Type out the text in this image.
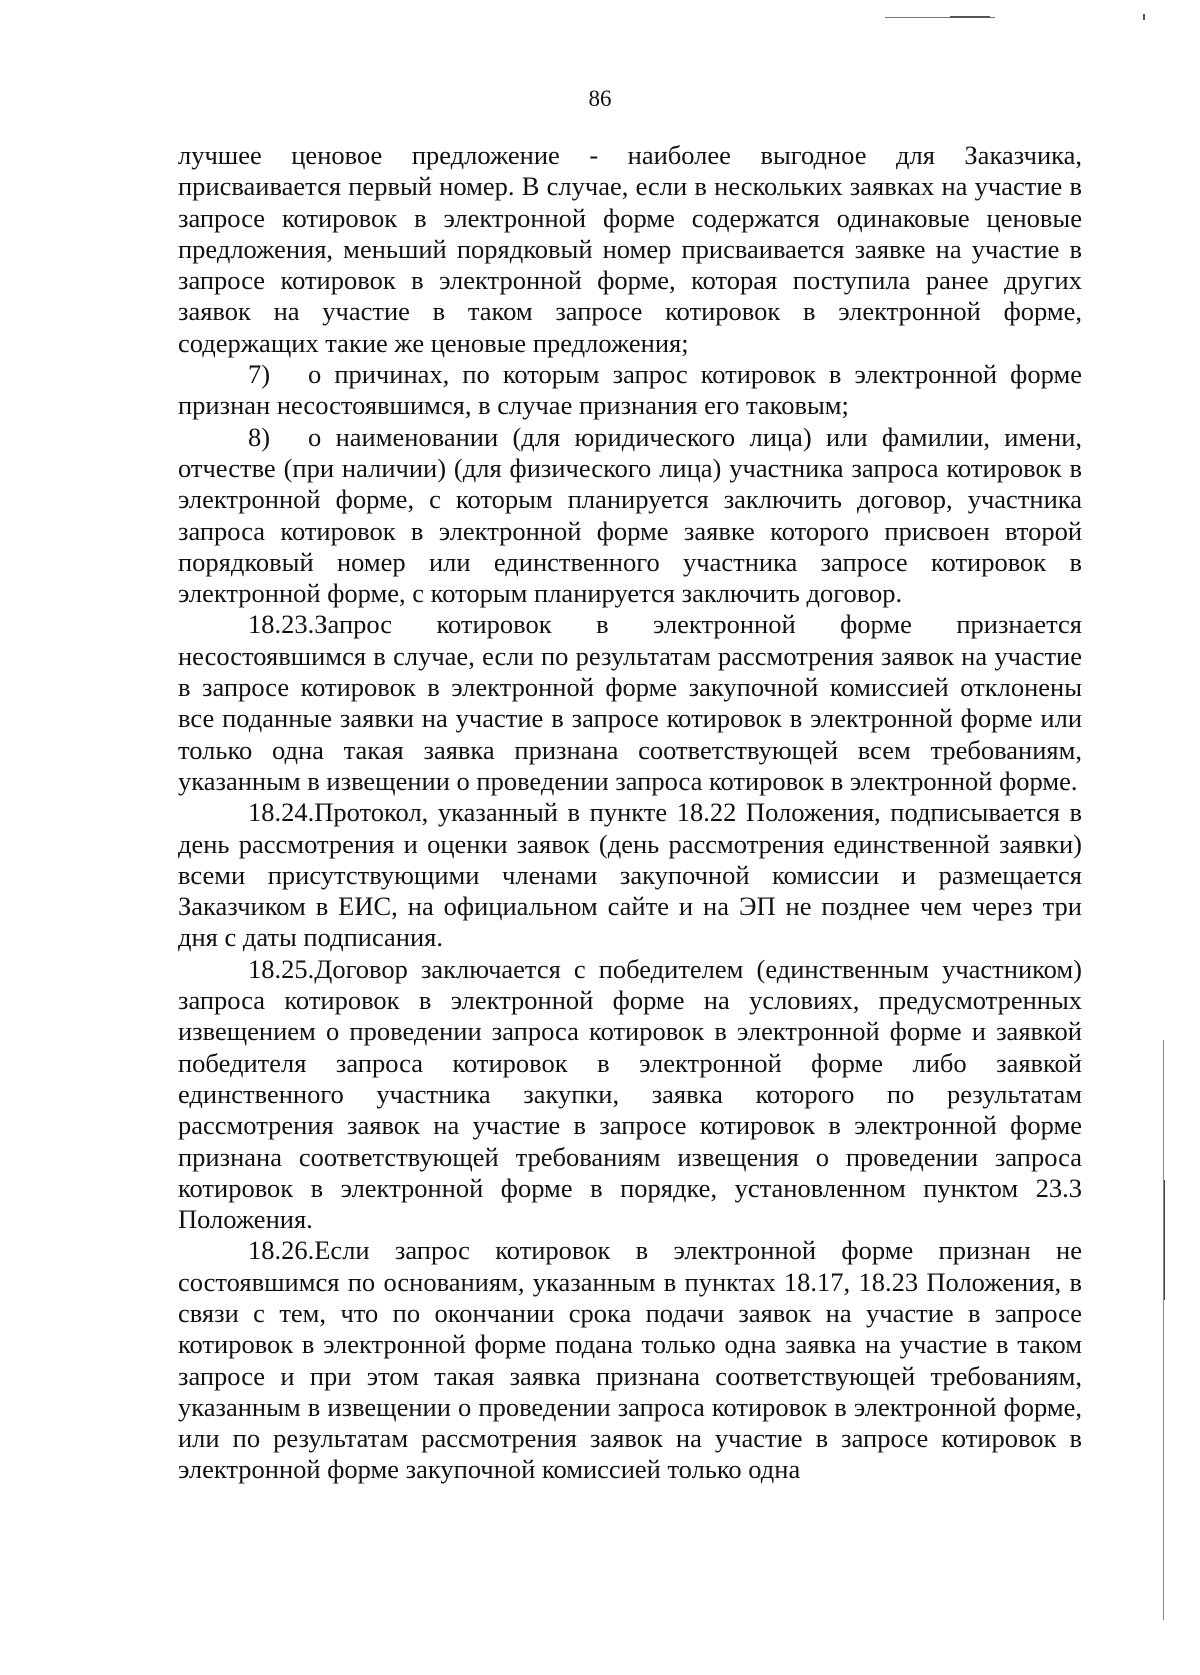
86

лучшее ценовое предложение - наиболее выгодное для Заказчика, присваивается первый номер. В случае, если в нескольких заявках на участие в запросе котировок в электронной форме содержатся одинаковые ценовые предложения, меньший порядковый номер присваивается заявке на участие в запросе котировок в электронной форме, которая поступила ранее других заявок на участие в таком запросе котировок в электронной форме, содержащих такие же ценовые предложения;

7) о причинах, по которым запрос котировок в электронной форме признан несостоявшимся, в случае признания его таковым;

8) о наименовании (для юридического лица) или фамилии, имени, отчестве (при наличии) (для физического лица) участника запроса котировок в электронной форме, с которым планируется заключить договор, участника запроса котировок в электронной форме заявке которого присвоен второй порядковый номер или единственного участника запросе котировок в электронной форме, с которым планируется заключить договор.

18.23.Запрос котировок в электронной форме признается несостоявшимся в случае, если по результатам рассмотрения заявок на участие в запросе котировок в электронной форме закупочной комиссией отклонены все поданные заявки на участие в запросе котировок в электронной форме или только одна такая заявка признана соответствующей всем требованиям, указанным в извещении о проведении запроса котировок в электронной форме.

18.24.Протокол, указанный в пункте 18.22 Положения, подписывается в день рассмотрения и оценки заявок (день рассмотрения единственной заявки) всеми присутствующими членами закупочной комиссии и размещается Заказчиком в ЕИС, на официальном сайте и на ЭП не позднее чем через три дня с даты подписания.

18.25.Договор заключается с победителем (единственным участником) запроса котировок в электронной форме на условиях, предусмотренных извещением о проведении запроса котировок в электронной форме и заявкой победителя запроса котировок в электронной форме либо заявкой единственного участника закупки, заявка которого по результатам рассмотрения заявок на участие в запросе котировок в электронной форме признана соответствующей требованиям извещения о проведении запроса котировок в электронной форме в порядке, установленном пунктом 23.3 Положения.

18.26.Если запрос котировок в электронной форме признан не состоявшимся по основаниям, указанным в пунктах 18.17, 18.23 Положения, в связи с тем, что по окончании срока подачи заявок на участие в запросе котировок в электронной форме подана только одна заявка на участие в таком запросе и при этом такая заявка признана соответствующей требованиям, указанным в извещении о проведении запроса котировок в электронной форме, или по результатам рассмотрения заявок на участие в запросе котировок в электронной форме закупочной комиссией только одна
